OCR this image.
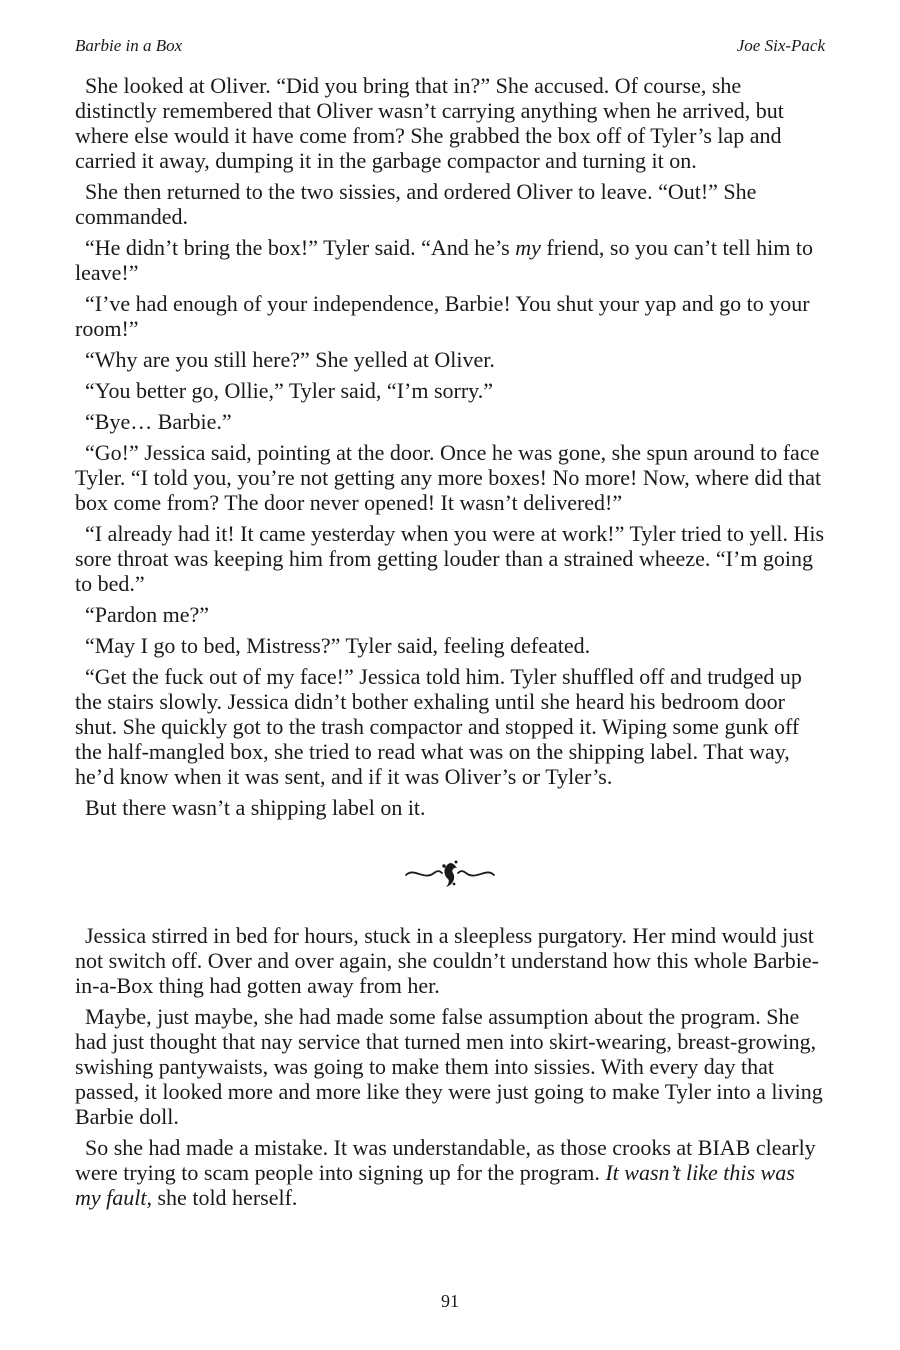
Barbie in a Box	Joe Six-Pack

She looked at Oliver. “Did you bring that in?” She accused. Of course, she distinctly remembered that Oliver wasn’t carrying anything when he arrived, but where else would it have come from? She grabbed the box off of Tyler’s lap and carried it away, dumping it in the garbage compactor and turning it on.

She then returned to the two sissies, and ordered Oliver to leave. “Out!” She commanded.

“He didn’t bring the box!” Tyler said. “And he’s my friend, so you can’t tell him to leave!”

“I’ve had enough of your independence, Barbie! You shut your yap and go to your room!”

“Why are you still here?” She yelled at Oliver.

“You better go, Ollie,” Tyler said, “I’m sorry.”

“Bye… Barbie.”

“Go!” Jessica said, pointing at the door. Once he was gone, she spun around to face Tyler. “I told you, you’re not getting any more boxes! No more! Now, where did that box come from? The door never opened! It wasn’t delivered!”

“I already had it! It came yesterday when you were at work!” Tyler tried to yell. His sore throat was keeping him from getting louder than a strained wheeze. “I’m going to bed.”

“Pardon me?”

“May I go to bed, Mistress?” Tyler said, feeling defeated.

“Get the fuck out of my face!” Jessica told him. Tyler shuffled off and trudged up the stairs slowly. Jessica didn’t bother exhaling until she heard his bedroom door shut. She quickly got to the trash compactor and stopped it. Wiping some gunk off the half-mangled box, she tried to read what was on the shipping label. That way, he’d know when it was sent, and if it was Oliver’s or Tyler’s.

But there wasn’t a shipping label on it.

Jessica stirred in bed for hours, stuck in a sleepless purgatory. Her mind would just not switch off. Over and over again, she couldn’t understand how this whole Barbie-in-a-Box thing had gotten away from her.

Maybe, just maybe, she had made some false assumption about the program. She had just thought that nay service that turned men into skirt-wearing, breast-growing, swishing pantywaists, was going to make them into sissies. With every day that passed, it looked more and more like they were just going to make Tyler into a living Barbie doll.

So she had made a mistake. It was understandable, as those crooks at BIAB clearly were trying to scam people into signing up for the program. It wasn’t like this was my fault, she told herself.

91
